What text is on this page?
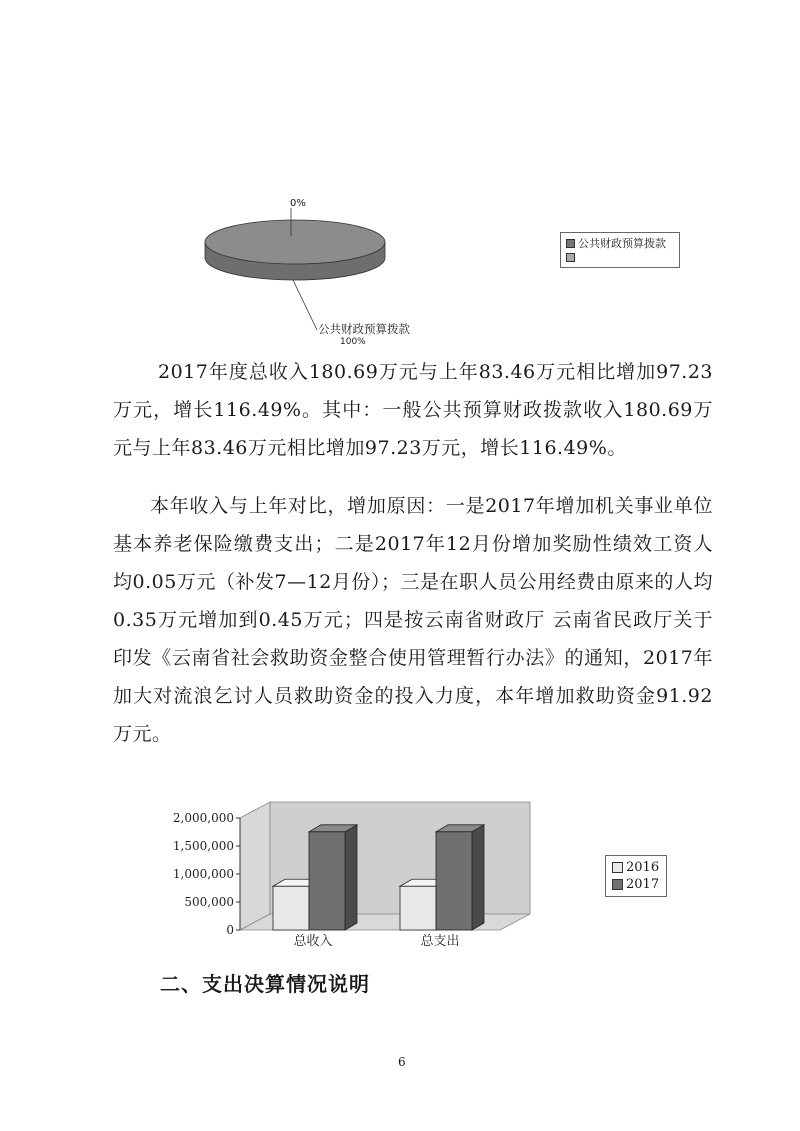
0%
公共财政预算拨款
100%
公共财政预算拨款
2017年度总收入180.69万元与上年83.46万元相比增加97.23万元，增长116.49%。其中：一般公共预算财政拨款收入180.69万元与上年83.46万元相比增加97.23万元，增长116.49%。
本年收入与上年对比，增加原因：一是2017年增加机关事业单位基本养老保险缴费支出；二是2017年12月份增加奖励性绩效工资人均0.05万元（补发7—12月份）；三是在职人员公用经费由原来的人均0.35万元增加到0.45万元；四是按云南省财政厅 云南省民政厅关于印发《云南省社会救助资金整合使用管理暂行办法》的通知，2017年加大对流浪乞讨人员救助资金的投入力度，本年增加救助资金91.92万元。
0
500,000
1,000,000
1,500,000
2,000,000
总收入	总支出
2016
2017
二、支出决算情况说明
6
